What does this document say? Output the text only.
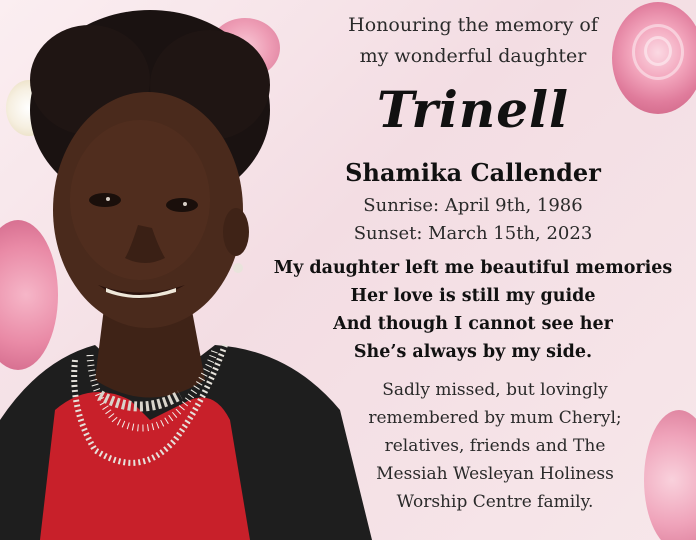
Honouring the memory of
my wonderful daughter
Trinell
Shamika Callender
Sunrise: April 9th, 1986
Sunset: March 15th, 2023
My daughter left me beautiful memories
Her love is still my guide
And though I cannot see her
She’s always by my side.
Sadly missed, but lovingly
remembered by mum Cheryl;
relatives, friends and The
Messiah Wesleyan Holiness
Worship Centre family.
